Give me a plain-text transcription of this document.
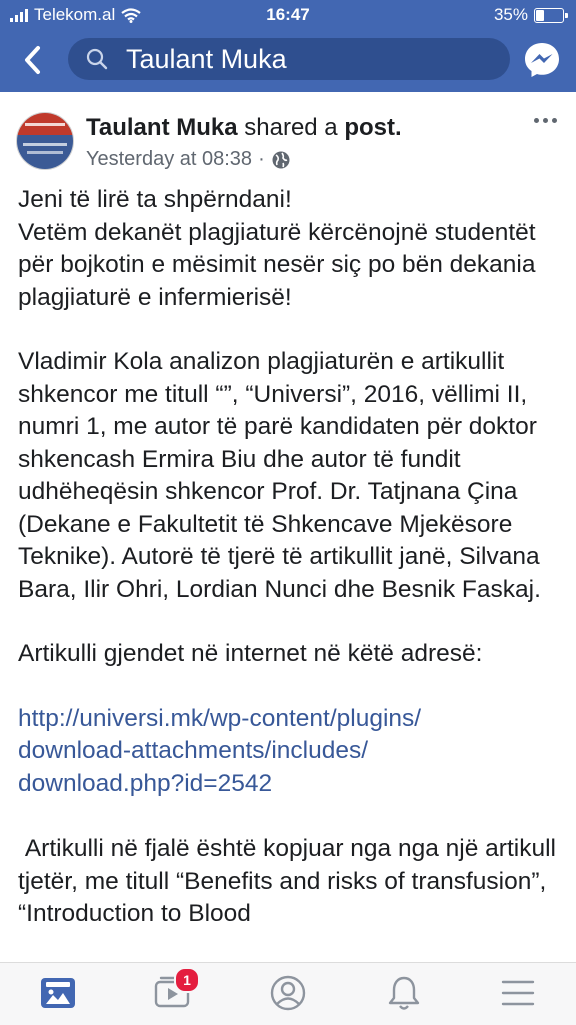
Telekom.al	16:47	35%
Taulant Muka
Taulant Muka shared a post.
Yesterday at 08:38 ·

Jeni të lirë ta shpërndani!
Vetëm dekanët plagjiaturë kërcënojnë studentët për bojkotin e mësimit nesër siç po bën dekania plagjiaturë e infermierisë!

Vladimir Kola analizon plagjiaturën e artikullit shkencor me titull “”, “Universi”, 2016, vëllimi II, numri 1, me autor të parë kandidaten për doktor shkencash Ermira Biu dhe autor të fundit udhëheqësin shkencor Prof. Dr. Tatjnana Çina (Dekane e Fakultetit të Shkencave Mjekësore Teknike). Autorë të tjerë të artikullit janë, Silvana Bara, Ilir Ohri, Lordian Nunci dhe Besnik Faskaj.

Artikulli gjendet në internet në këtë adresë:

http://universi.mk/wp-content/plugins/
download-attachments/includes/
download.php?id=2542

Artikulli në fjalë është kopjuar nga nga një artikull tjetër, me titull “Benefits and risks of transfusion”, “Introduction to Blood

1
